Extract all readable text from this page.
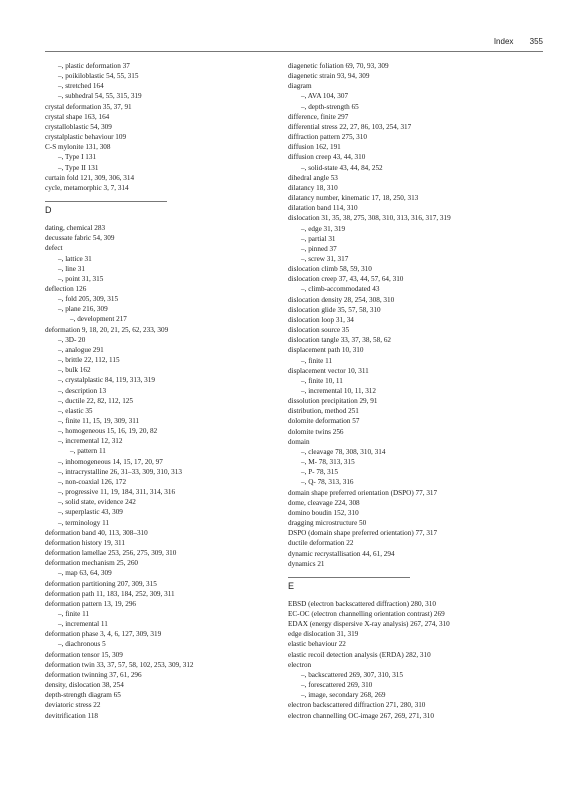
Index 355
–, plastic deformation 37
–, poikiloblastic 54, 55, 315
–, stretched 164
–, subhedral 54, 55, 315, 319
crystal deformation 35, 37, 91
crystal shape 163, 164
crystalloblastic 54, 309
crystalplastic behaviour 109
C-S mylonite 131, 308
–, Type I 131
–, Type II 131
curtain fold 121, 309, 306, 314
cycle, metamorphic 3, 7, 314
D
dating, chemical 283
decussate fabric 54, 309
defect
–, lattice 31
–, line 31
–, point 31, 315
deflection 126
–, fold 205, 309, 315
–, plane 216, 309
–, development 217
deformation 9, 18, 20, 21, 25, 62, 233, 309
–, 3D- 20
–, analogue 291
–, brittle 22, 112, 115
–, bulk 162
–, crystalplastic 84, 119, 313, 319
–, description 13
–, ductile 22, 82, 112, 125
–, elastic 35
–, finite 11, 15, 19, 309, 311
–, homogeneous 15, 16, 19, 20, 82
–, incremental 12, 312
–, pattern 11
–, inhomogeneous 14, 15, 17, 20, 97
–, intracrystalline 26, 31–33, 309, 310, 313
–, non-coaxial 126, 172
–, progressive 11, 19, 184, 311, 314, 316
–, solid state, evidence 242
–, superplastic 43, 309
–, terminology 11
deformation band 40, 113, 308–310
deformation history 19, 311
deformation lamellae 253, 256, 275, 309, 310
deformation mechanism 25, 260
–, map 63, 64, 309
deformation partitioning 207, 309, 315
deformation path 11, 183, 184, 252, 309, 311
deformation pattern 13, 19, 296
–, finite 11
–, incremental 11
deformation phase 3, 4, 6, 127, 309, 319
–, diachronous 5
deformation tensor 15, 309
deformation twin 33, 37, 57, 58, 102, 253, 309, 312
deformation twinning 37, 61, 296
density, dislocation 38, 254
depth-strength diagram 65
deviatoric stress 22
devitrification 118
diagenetic foliation 69, 70, 93, 309
diagenetic strain 93, 94, 309
diagram
–, AVA 104, 307
–, depth-strength 65
difference, finite 297
differential stress 22, 27, 86, 103, 254, 317
diffraction pattern 275, 310
diffusion 162, 191
diffusion creep 43, 44, 310
–, solid-state 43, 44, 84, 252
dihedral angle 53
dilatancy 18, 310
dilatancy number, kinematic 17, 18, 250, 313
dilatation band 114, 310
dislocation 31, 35, 38, 275, 308, 310, 313, 316, 317, 319
–, edge 31, 319
–, partial 31
–, pinned 37
–, screw 31, 317
dislocation climb 58, 59, 310
dislocation creep 37, 43, 44, 57, 64, 310
–, climb-accommodated 43
dislocation density 28, 254, 308, 310
dislocation glide 35, 57, 58, 310
dislocation loop 31, 34
dislocation source 35
dislocation tangle 33, 37, 38, 58, 62
displacement path 10, 310
–, finite 11
displacement vector 10, 311
–, finite 10, 11
–, incremental 10, 11, 312
dissolution precipitation 29, 91
distribution, method 251
dolomite deformation 57
dolomite twins 256
domain
–, cleavage 78, 308, 310, 314
–, M- 78, 313, 315
–, P- 78, 315
–, Q- 78, 313, 316
domain shape preferred orientation (DSPO) 77, 317
dome, cleavage 224, 308
domino boudin 152, 310
dragging microstructure 50
DSPO (domain shape preferred orientation) 77, 317
ductile deformation 22
dynamic recrystallisation 44, 61, 294
dynamics 21
E
EBSD (electron backscattered diffraction) 280, 310
EC-OC (electron channelling orientation contrast) 269
EDAX (energy dispersive X-ray analysis) 267, 274, 310
edge dislocation 31, 319
elastic behaviour 22
elastic recoil detection analysis (ERDA) 282, 310
electron
–, backscattered 269, 307, 310, 315
–, forescattered 269, 310
–, image, secondary 268, 269
electron backscattered diffraction 271, 280, 310
electron channelling OC-image 267, 269, 271, 310
